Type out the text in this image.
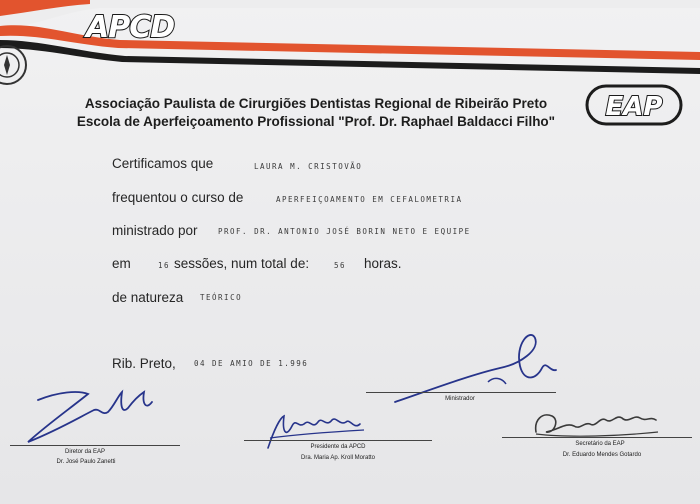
APCD
Associação Paulista de Cirurgiões Dentistas Regional de Ribeirão Preto
Escola de Aperfeiçoamento Profissional "Prof. Dr. Raphael Baldacci Filho"	EAP
Certificamos que	LAURA M. CRISTOVÃO
frequentou o curso de	APERFEIÇOAMENTO EM CEFALOMETRIA
ministrado por	PROF. DR. ANTONIO JOSÉ BORIN NETO E EQUIPE
em	16 sessões, num total de:	56 horas.
de natureza TEÓRICO
Rib. Preto, 04 DE AMIO DE 1.996
Ministrador
Diretor da EAP
Dr. José Paulo Zanetti
Presidente da APCD
Dra. Maria Ap. Kroll Moratto
Secretário da EAP
Dr. Eduardo Mendes Gotardo
